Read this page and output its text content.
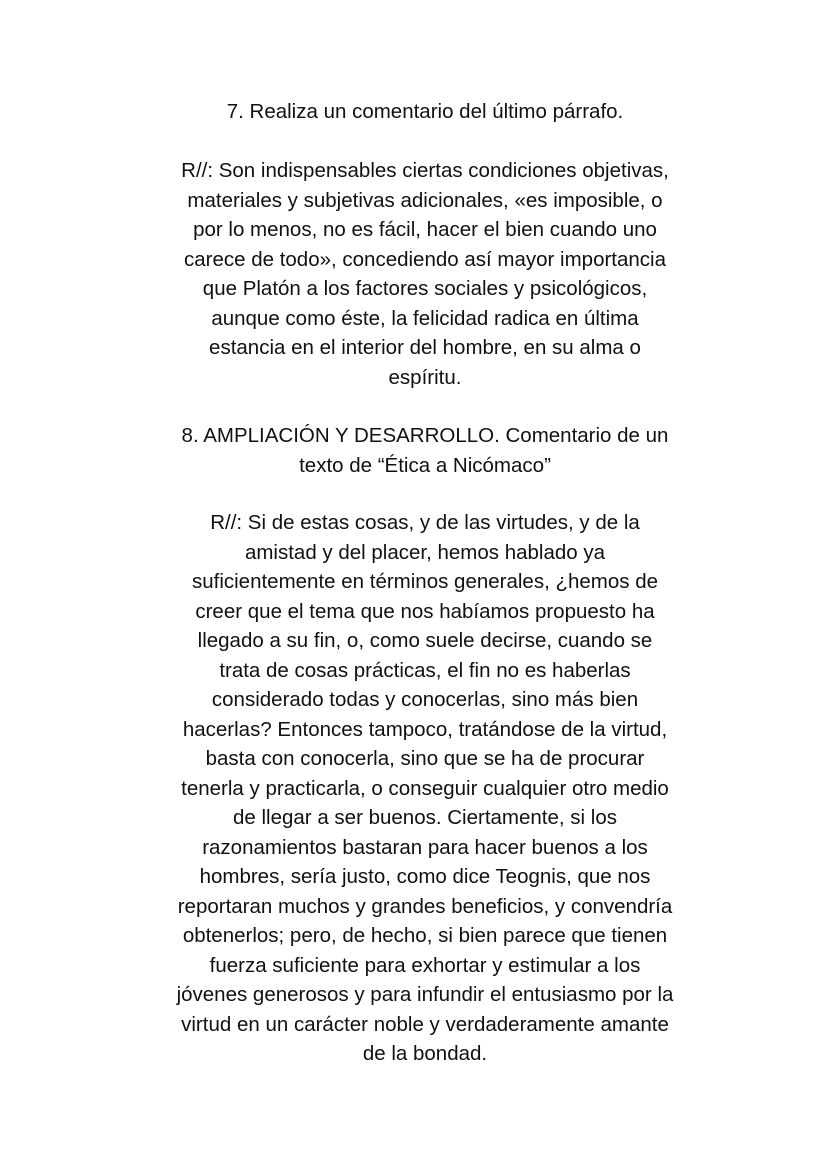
7. Realiza un comentario del último párrafo.
R//: Son indispensables ciertas condiciones objetivas,
materiales y subjetivas adicionales, «es imposible, o
por lo menos, no es fácil, hacer el bien cuando uno
carece de todo», concediendo así mayor importancia
que Platón a los factores sociales y psicológicos,
aunque como éste, la felicidad radica en última
estancia en el interior del hombre, en su alma o
espíritu.
8. AMPLIACIÓN Y DESARROLLO. Comentario de un
texto de “Ética a Nicómaco”
R//: Si de estas cosas, y de las virtudes, y de la
amistad y del placer, hemos hablado ya
suficientemente en términos generales, ¿hemos de
creer que el tema que nos habíamos propuesto ha
llegado a su fin, o, como suele decirse, cuando se
trata de cosas prácticas, el fin no es haberlas
considerado todas y conocerlas, sino más bien
hacerlas? Entonces tampoco, tratándose de la virtud,
basta con conocerla, sino que se ha de procurar
tenerla y practicarla, o conseguir cualquier otro medio
de llegar a ser buenos. Ciertamente, si los
razonamientos bastaran para hacer buenos a los
hombres, sería justo, como dice Teognis, que nos
reportaran muchos y grandes beneficios, y convendría
obtenerlos; pero, de hecho, si bien parece que tienen
fuerza suficiente para exhortar y estimular a los
jóvenes generosos y para infundir el entusiasmo por la
virtud en un carácter noble y verdaderamente amante
de la bondad.
